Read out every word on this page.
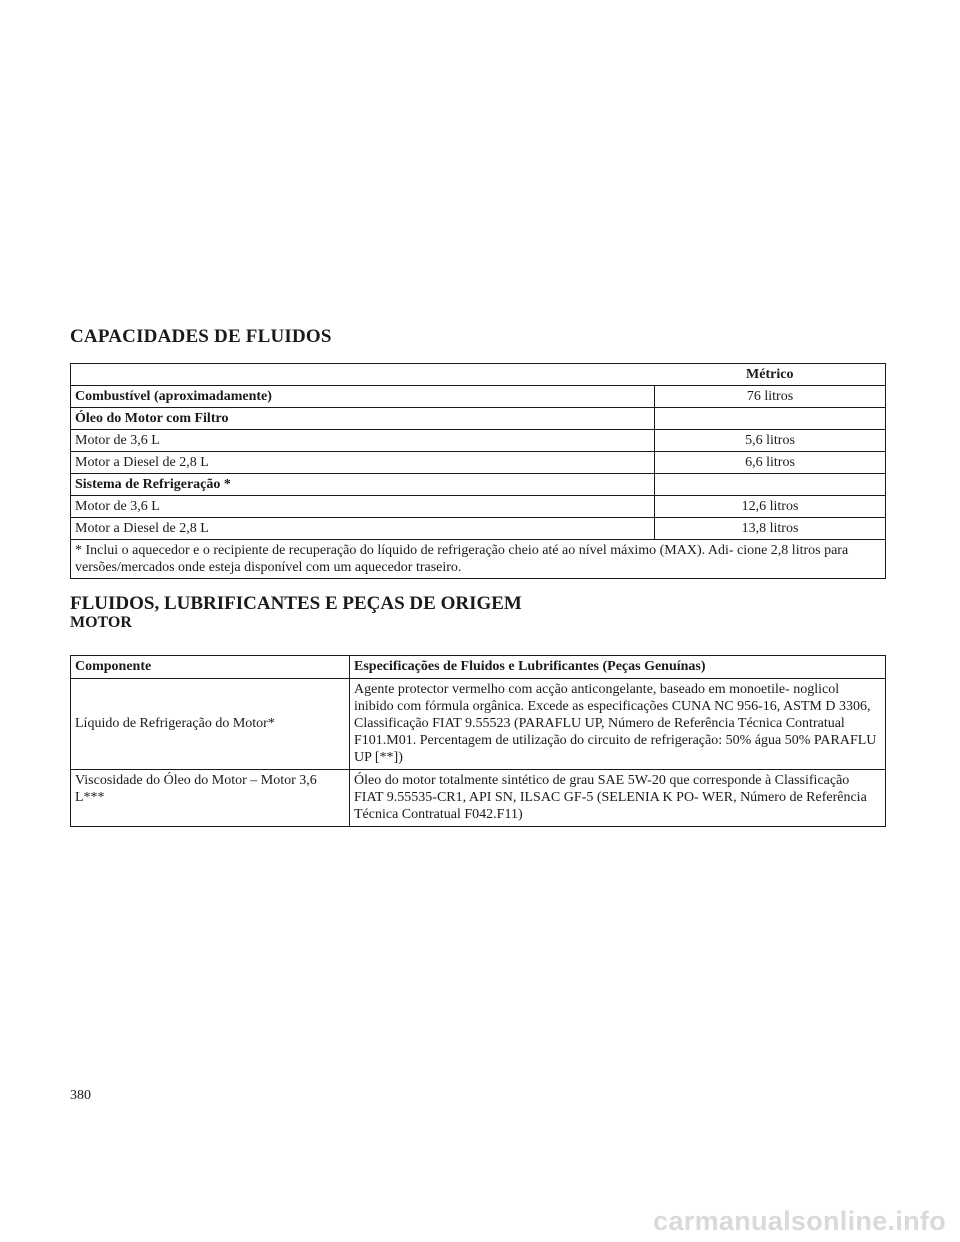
CAPACIDADES DE FLUIDOS
	Métrico
Combustível (aproximadamente)	76 litros
Óleo do Motor com Filtro	
Motor de 3,6 L	5,6 litros
Motor a Diesel de 2,8 L	6,6 litros
Sistema de Refrigeração *	
Motor de 3,6 L	12,6 litros
Motor a Diesel de 2,8 L	13,8 litros
* Inclui o aquecedor e o recipiente de recuperação do líquido de refrigeração cheio até ao nível máximo (MAX). Adi- cione 2,8 litros para versões/mercados onde esteja disponível com um aquecedor traseiro.	
FLUIDOS, LUBRIFICANTES E PEÇAS DE ORIGEM
MOTOR
Componente	Especificações de Fluidos e Lubrificantes (Peças Genuínas)
Líquido de Refrigeração do Motor*	Agente protector vermelho com acção anticongelante, baseado em monoetile- noglicol inibido com fórmula orgânica. Excede as especificações CUNA NC 956-16, ASTM D 3306, Classificação FIAT 9.55523 (PARAFLU UP, Número de Referência Técnica Contratual F101.M01. Percentagem de utilização do circuito de refrigeração: 50% água 50% PARAFLU UP [**])
Viscosidade do Óleo do Motor – Motor 3,6 L***	Óleo do motor totalmente sintético de grau SAE 5W-20 que corresponde à Classificação FIAT 9.55535-CR1, API SN, ILSAC GF-5 (SELENIA K PO- WER, Número de Referência Técnica Contratual F042.F11)

380

carmanualsonline.info
